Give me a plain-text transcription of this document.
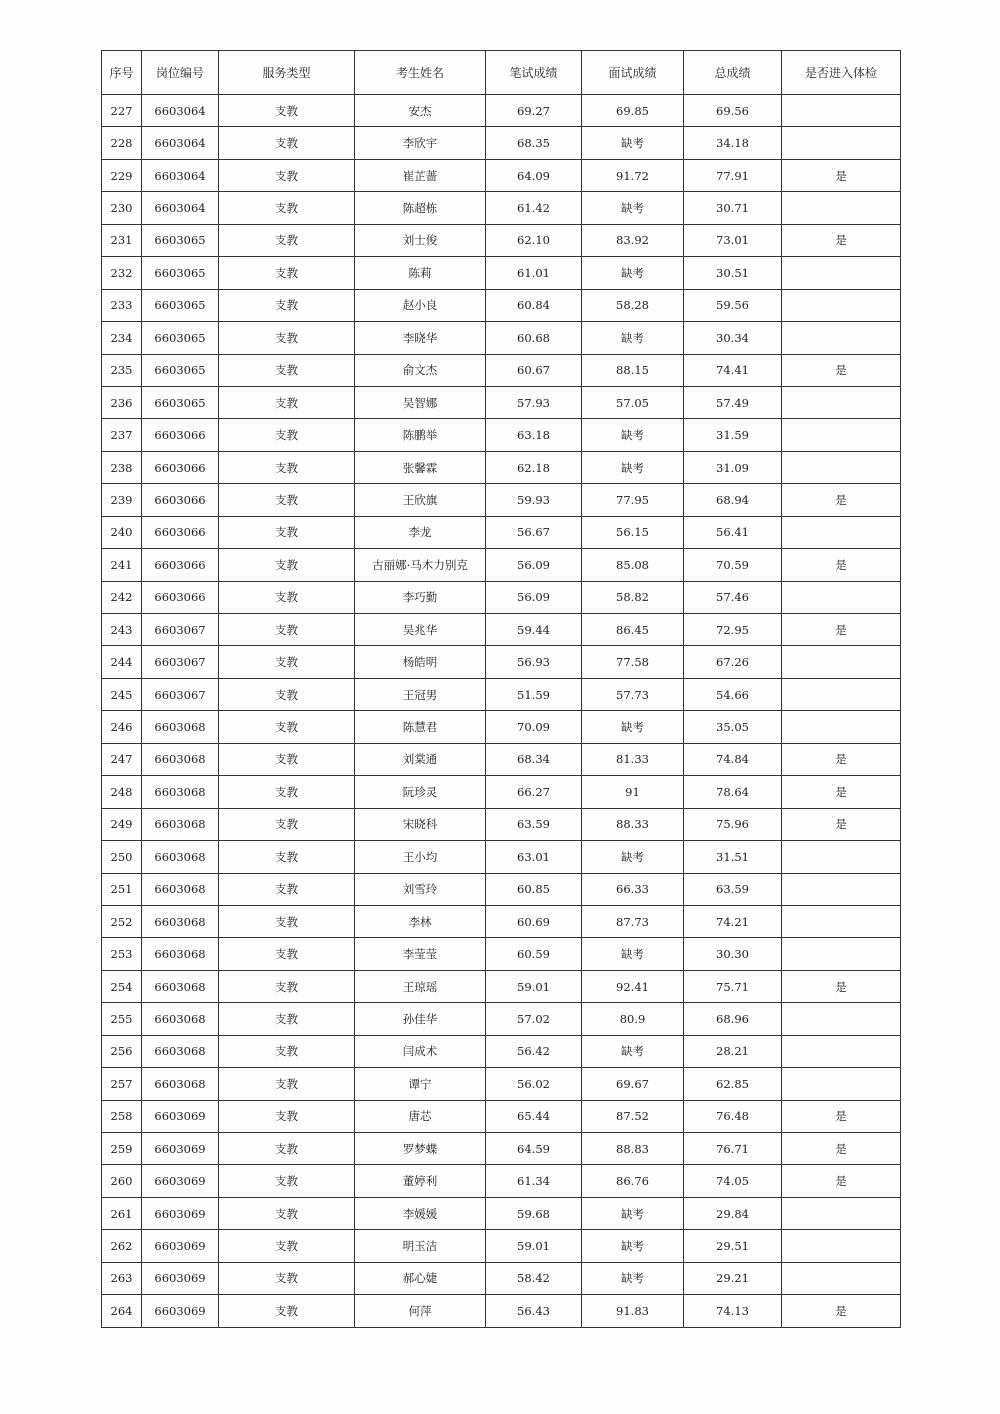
序号	岗位编号	服务类型	考生姓名	笔试成绩	面试成绩	总成绩	是否进入体检
227	6603064	支教	安杰	69.27	69.85	69.56	
228	6603064	支教	李欣宇	68.35	缺考	34.18	
229	6603064	支教	崔芷蔷	64.09	91.72	77.91	是
230	6603064	支教	陈超栋	61.42	缺考	30.71	
231	6603065	支教	刘士俊	62.10	83.92	73.01	是
232	6603065	支教	陈莉	61.01	缺考	30.51	
233	6603065	支教	赵小良	60.84	58.28	59.56	
234	6603065	支教	李晓华	60.68	缺考	30.34	
235	6603065	支教	俞文杰	60.67	88.15	74.41	是
236	6603065	支教	吴智娜	57.93	57.05	57.49	
237	6603066	支教	陈鹏举	63.18	缺考	31.59	
238	6603066	支教	张馨霖	62.18	缺考	31.09	
239	6603066	支教	王欣旗	59.93	77.95	68.94	是
240	6603066	支教	李龙	56.67	56.15	56.41	
241	6603066	支教	古丽娜·马木力别克	56.09	85.08	70.59	是
242	6603066	支教	李巧勤	56.09	58.82	57.46	
243	6603067	支教	吴兆华	59.44	86.45	72.95	是
244	6603067	支教	杨皓明	56.93	77.58	67.26	
245	6603067	支教	王冠男	51.59	57.73	54.66	
246	6603068	支教	陈慧君	70.09	缺考	35.05	
247	6603068	支教	刘棠通	68.34	81.33	74.84	是
248	6603068	支教	阮珍灵	66.27	91	78.64	是
249	6603068	支教	宋晓科	63.59	88.33	75.96	是
250	6603068	支教	王小均	63.01	缺考	31.51	
251	6603068	支教	刘雪玲	60.85	66.33	63.59	
252	6603068	支教	李林	60.69	87.73	74.21	
253	6603068	支教	李莹莹	60.59	缺考	30.30	
254	6603068	支教	王琼瑶	59.01	92.41	75.71	是
255	6603068	支教	孙佳华	57.02	80.9	68.96	
256	6603068	支教	闫成术	56.42	缺考	28.21	
257	6603068	支教	谭宁	56.02	69.67	62.85	
258	6603069	支教	唐芯	65.44	87.52	76.48	是
259	6603069	支教	罗梦蝶	64.59	88.83	76.71	是
260	6603069	支教	董婷利	61.34	86.76	74.05	是
261	6603069	支教	李媛媛	59.68	缺考	29.84	
262	6603069	支教	明玉洁	59.01	缺考	29.51	
263	6603069	支教	郝心婕	58.42	缺考	29.21	
264	6603069	支教	何萍	56.43	91.83	74.13	是
